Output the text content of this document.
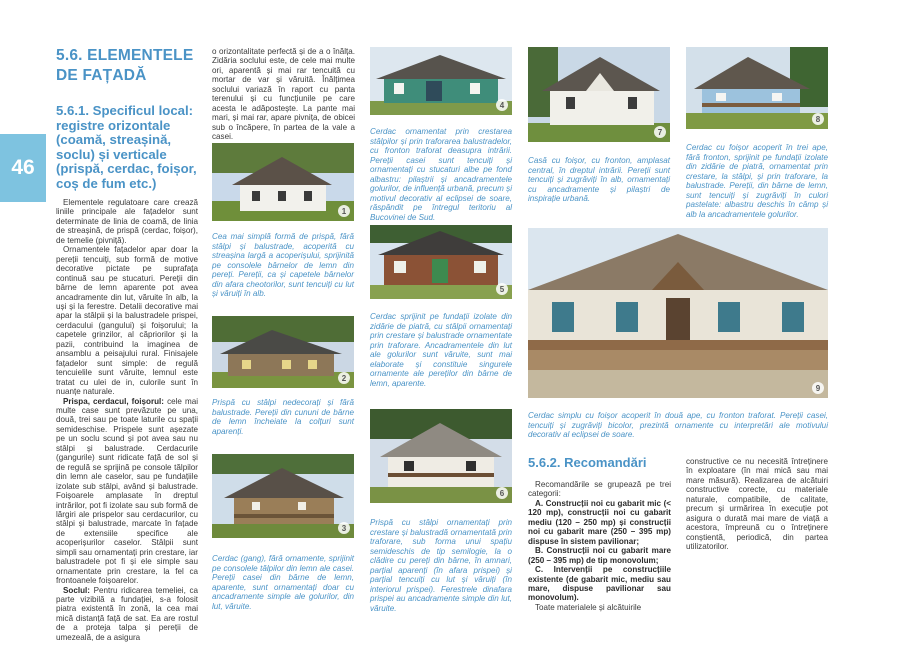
46
5.6. ELEMENTELE DE FAȚADĂ
5.6.1. Specificul local: registre orizontale (coamă, streașină, soclu) și verticale (prispă, cerdac, foișor, coș de fum etc.)

Elementele regulatoare care crează liniile principale ale fațadelor sunt determinate de linia de coamă, de linia de streașină, de prispă (cerdac, foișor), de temelie (pivniță).

Ornamentele fațadelor apar doar la pereții tencuiți, sub formă de motive decorative pictate pe suprafața continuă sau pe stucaturi. Pereții din bârne de lemn aparente pot avea ancadramente din lut, văruite în alb, la uși și la ferestre. Detalii decorative mai apar la stâlpii și la balustradele prispei, cerdacului (gangului) și foișorului; la capetele grinzilor, al căpriorilor și la pazii, contribuind la imaginea de ansamblu a peisajului rural. Finisajele fațadelor sunt simple: de regulă tencuielile sunt văruite, lemnul este tratat cu ulei de in, culorile sunt în nuanțe naturale.

Prispa, cerdacul, foișorul: cele mai multe case sunt prevăzute pe una, două, trei sau pe toate laturile cu spații semideschise. Prispele sunt așezate pe un soclu scund și pot avea sau nu stâlpi și balustrade. Cerdacurile (gangurile) sunt ridicate față de sol și de regulă se sprijină pe console tălpilor din lemn ale caselor, sau pe fundațiile izolate sub stâlpi, având și balustrade. Foișoarele amplasate în dreptul intrărilor, pot fi izolate sau sub formă de lărgiri ale prispelor sau cerdacurilor, cu stâlpi și balustrade, marcate în fațade de extensiile specifice ale acoperișurilor caselor. Stâlpii sunt simpli sau ornamentați prin crestare, iar balustradele pot fi și ele simple sau ornamentate prin crestare, la fel ca frontoanele foișoarelor.

Soclul: Pentru ridicarea temeliei, ca parte vizibilă a fundației, s-a folosit piatra existentă în zonă, la cea mai mică distanță față de sat. Ea are rostul de a proteja talpa și pereții de umezeală, de a asigura

o orizontalitate perfectă și de a o înălța. Zidăria soclului este, de cele mai multe ori, aparentă și mai rar tencuită cu mortar de var și văruită. Înălțimea soclului variază în raport cu panta terenului și cu funcțiunile pe care acesta le adăpostește. La pante mai mari, și mai rar, apare pivnița, de obicei sub o încăpere, în partea de la vale a casei.

1
Cea mai simplă formă de prispă, fără stâlpi și balustrade, acoperită cu streașina largă a acoperișului, sprijinită pe consolele bârnelor de lemn din pereți. Pereții, ca și capetele bârnelor din afara cheotorilor, sunt tencuiți cu lut și văruiți în alb.
2
Prispă cu stâlpi nedecorați și fără balustrade. Pereții din cununi de bârne de lemn încheiate la colțuri sunt aparenți.
3
Cerdac (gang), fără ornamente, sprijinit pe consolele tălpilor din lemn ale casei. Pereții casei din bârne de lemn, aparente, sunt ornamentați doar cu ancadramente simple ale golurilor, din lut, văruite.
4
Cerdac ornamentat prin crestarea stâlpilor și prin traforarea balustradelor, cu fronton traforat deasupra intrării. Pereții casei sunt tencuiți și ornamentați cu stucaturi albe pe fond albastru: pilaștrii și ancadramentele golurilor, de influență urbană, precum și motivul decorativ al eclipsei de soare, răspândit pe întregul teritoriu al Bucovinei de Sud.
5
Cerdac sprijinit pe fundații izolate din zidărie de piatră, cu stâlpii ornamentați prin crestare și balustrade ornamentate prin traforare. Ancadramentele din lut ale golurilor sunt văruite, sunt mai elaborate și constituie singurele ornamente ale pereților din bârne de lemn, aparente.
6
Prispă cu stâlpi ornamentați prin crestare și balustradă ornamentată prin traforare, sub forma unui spațiu semideschis de tip semilogie, la o clădire cu pereți din bârne, în amnari, parțial aparenți (în afara prispei) și parțial tencuiți cu lut și văruiți (în interiorul prispei). Ferestrele dinafara prispei au ancadramente simple din lut, văruite.
7
Casă cu foișor, cu fronton, amplasat central, în dreptul intrării. Pereții sunt tencuiți și zugrăviți în alb, ornamentați cu ancadramente și pilaștri de inspirație urbană.
8
Cerdac cu foișor acoperit în trei ape, fără fronton, sprijinit pe fundații izolate din zidărie de piatră, ornamentat prin crestare, la stâlpi, și prin traforare, la balustrade. Pereții, din bârne de lemn, sunt tencuiți și zugrăviți în culori pastelate: albastru deschis în câmp și alb la ancadramentele golurilor.
9
Cerdac simplu cu foișor acoperit în două ape, cu fronton traforat. Pereții casei, tencuiți și zugrăviți bicolor, prezintă ornamente cu interpretări ale motivului decorativ al eclipsei de soare.
5.6.2. Recomandări

Recomandările se grupează pe trei categorii:

A. Construcții noi cu gabarit mic (< 120 mp), construcții noi cu gabarit mediu (120 – 250 mp) și construcții noi cu gabarit mare (250 – 395 mp) dispuse în sistem pavilionar;

B. Construcții noi cu gabarit mare (250 – 395 mp) de tip monovolum;

C. Intervenții pe construcțiile existente (de gabarit mic, mediu sau mare, dispuse pavilionar sau monovolum).

Toate materialele și alcătuirile

constructive ce nu necesită întreținere în exploatare (în mai mică sau mai mare măsură). Realizarea de alcătuiri constructive corecte, cu materiale naturale, compatibile, de calitate, precum și urmărirea în execuție pot asigura o durată mai mare de viață a acestora, împreună cu o întreținere conștientă, periodică, din partea utilizatorilor.
